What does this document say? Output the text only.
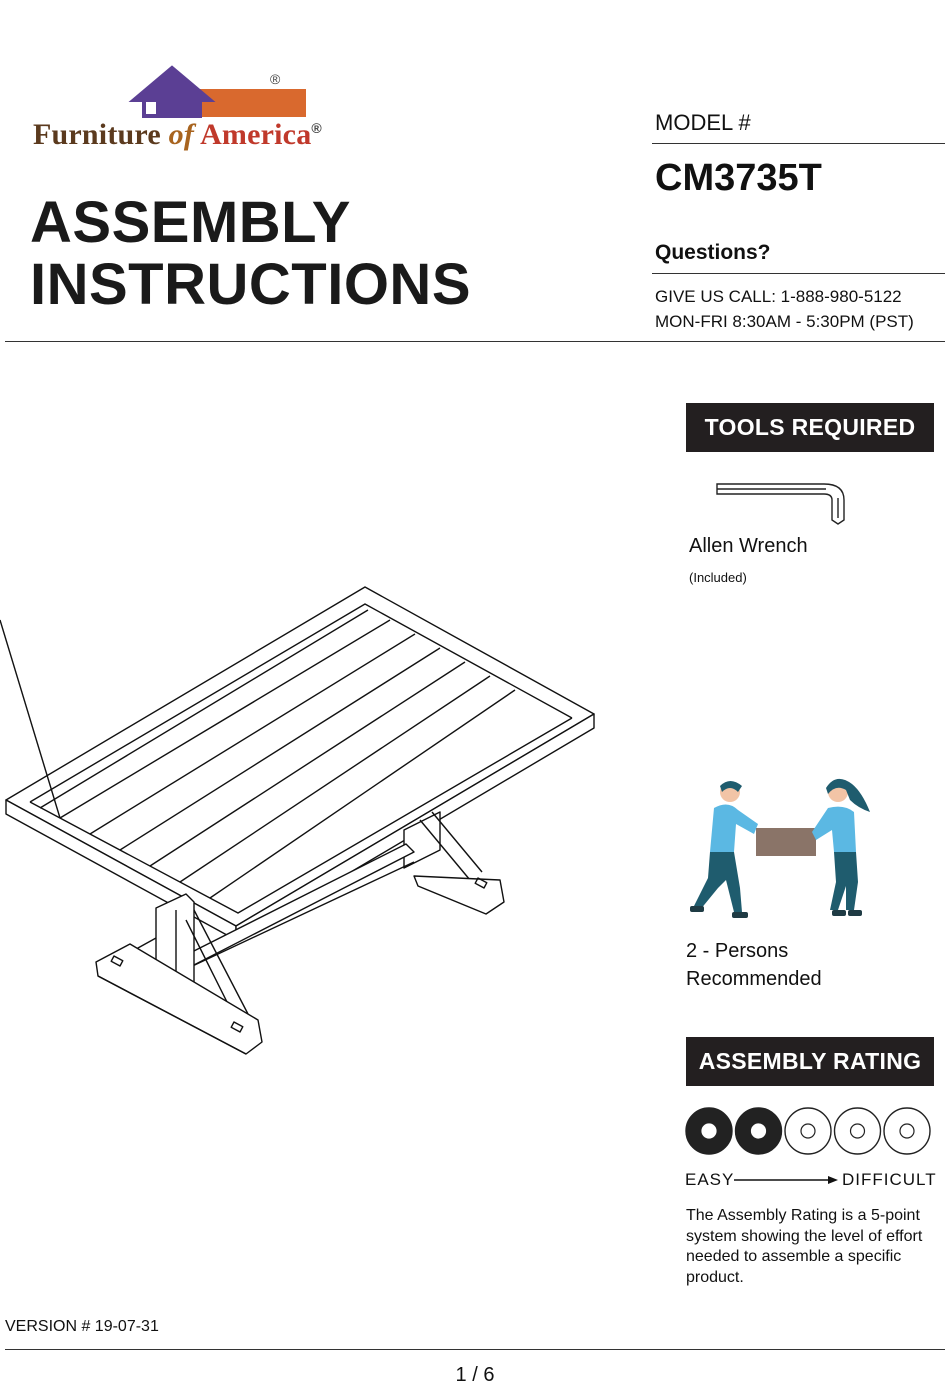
®
Furniture of America®
ASSEMBLY
INSTRUCTIONS
MODEL #
CM3735T
Questions?
GIVE US CALL: 1-888-980-5122
MON-FRI 8:30AM - 5:30PM (PST)
TOOLS REQUIRED
Allen Wrench
(Included)
2 - Persons
Recommended
ASSEMBLY RATING
EASY	DIFFICULT
The Assembly Rating is a 5-point system showing the level of effort needed to assemble a specific product.
VERSION # 19-07-31
1 / 6
